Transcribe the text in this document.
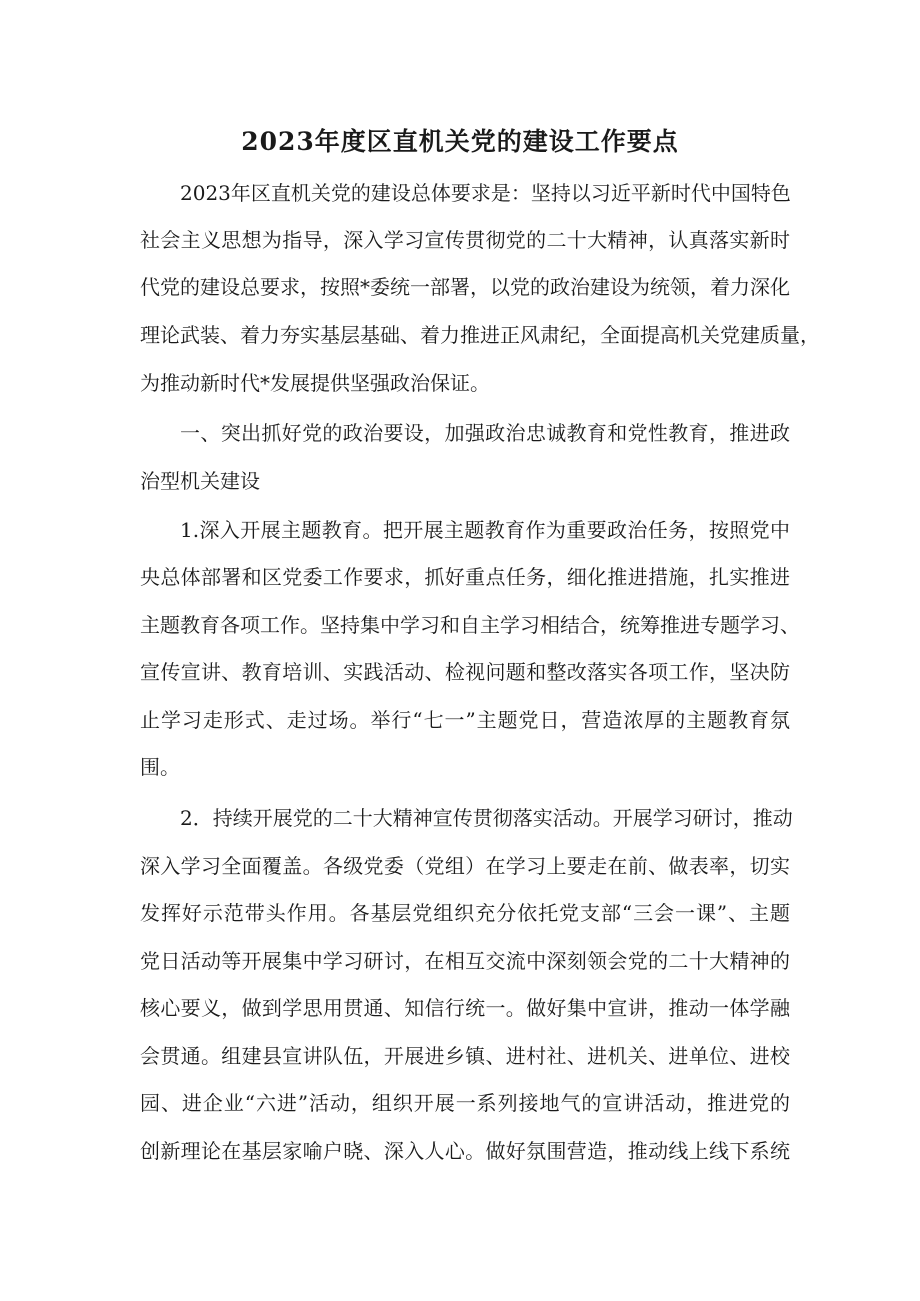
2023年度区直机关党的建设工作要点
2023年区直机关党的建设总体要求是：坚持以习近平新时代中国特色
社会主义思想为指导，深入学习宣传贯彻党的二十大精神，认真落实新时
代党的建设总要求，按照*委统一部署，以党的政治建设为统领，着力深化
理论武装、着力夯实基层基础、着力推进正风肃纪，全面提高机关党建质量，
为推动新时代*发展提供坚强政治保证。
一、突出抓好党的政治要设，加强政治忠诚教育和党性教育，推进政
治型机关建设
1.深入开展主题教育。把开展主题教育作为重要政治任务，按照党中
央总体部署和区党委工作要求，抓好重点任务，细化推进措施，扎实推进
主题教育各项工作。坚持集中学习和自主学习相结合，统筹推进专题学习、
宣传宣讲、教育培训、实践活动、检视问题和整改落实各项工作，坚决防
止学习走形式、走过场。举行“七一”主题党日，营造浓厚的主题教育氛
围。
2．持续开展党的二十大精神宣传贯彻落实活动。开展学习研讨，推动
深入学习全面覆盖。各级党委（党组）在学习上要走在前、做表率，切实
发挥好示范带头作用。各基层党组织充分依托党支部“三会一课”、主题
党日活动等开展集中学习研讨，在相互交流中深刻领会党的二十大精神的
核心要义，做到学思用贯通、知信行统一。做好集中宣讲，推动一体学融
会贯通。组建县宣讲队伍，开展进乡镇、进村社、进机关、进单位、进校
园、进企业“六进”活动，组织开展一系列接地气的宣讲活动，推进党的
创新理论在基层家喻户晓、深入人心。做好氛围营造，推动线上线下系统
